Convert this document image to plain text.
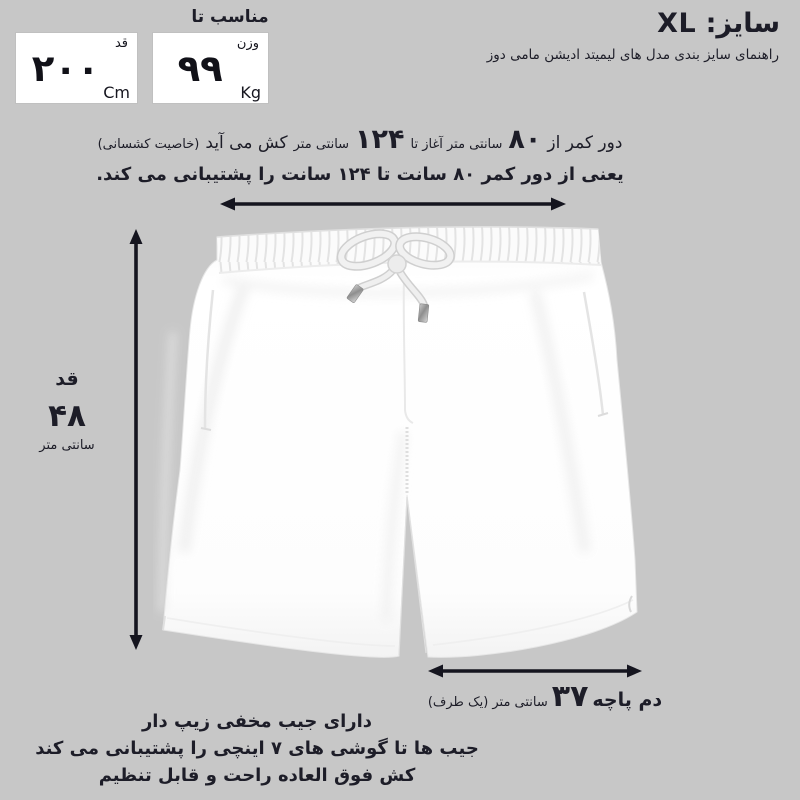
سایز: XL
راهنمای سایز بندی مدل های لیمیتد ادیشن مامی دوز
مناسب تا
قد
۲۰۰
Cm
وزن
۹۹
Kg
دور کمر از۸۰سانتی متر آغاز تا۱۲۴سانتی مترکش می آید(خاصیت کشسانی)
یعنی از دور کمر ۸۰ سانت تا ۱۲۴ سانت را پشتیبانی می کند.
قد
۴۸
سانتی متر
دم پاچه۳۷سانتی متر(یک طرف)
دارای جیب مخفی زیپ دار
جیب ها تا گوشی های ۷ اینچی را پشتیبانی می کند
کش فوق العاده راحت و قابل تنظیم
